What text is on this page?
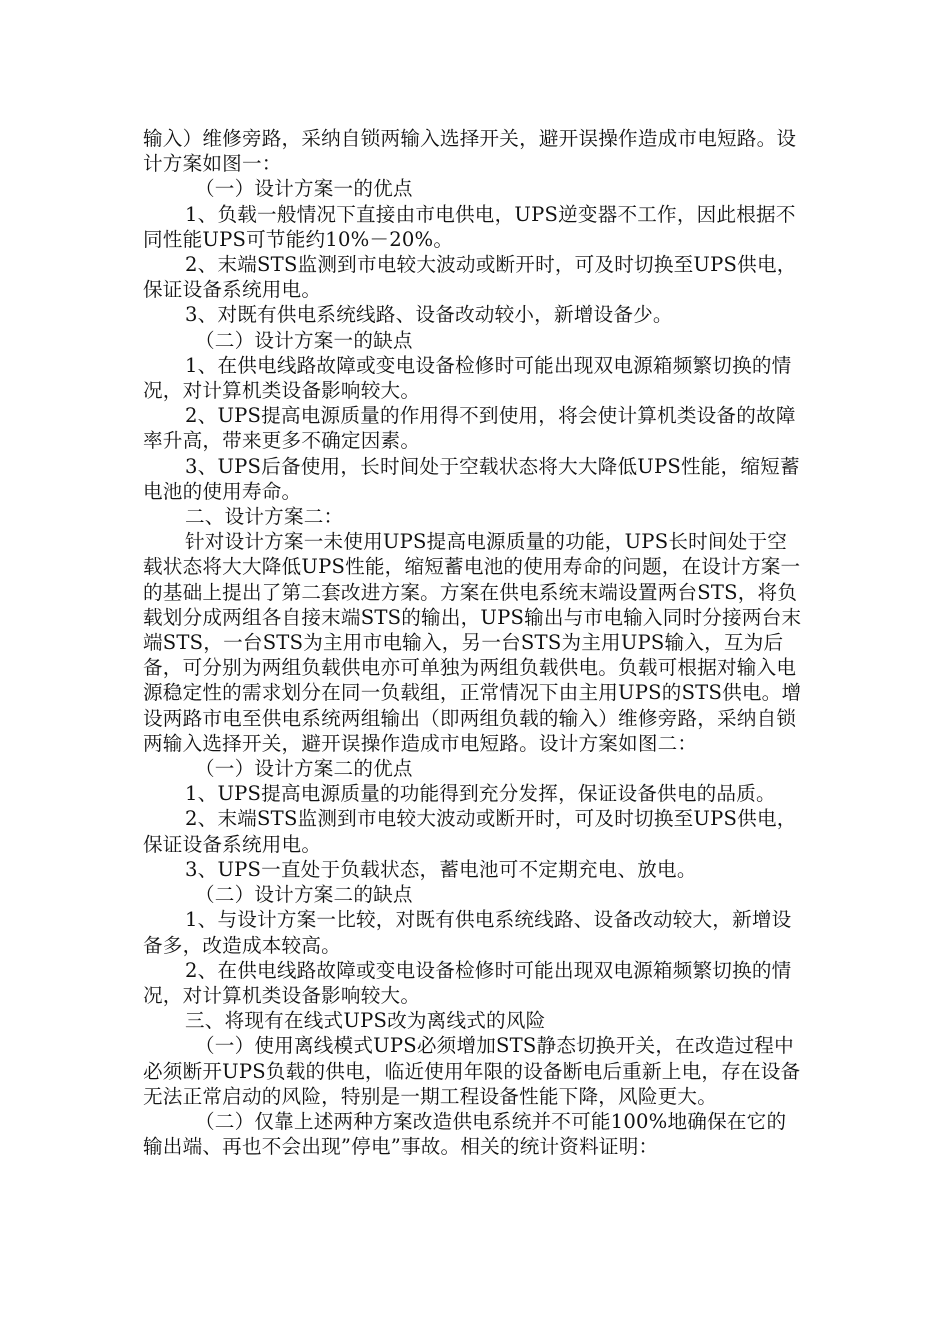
输入）维修旁路，采纳自锁两输入选择开关，避开误操作造成市电短路。设计方案如图一：

（一）设计方案一的优点

1、负载一般情况下直接由市电供电，UPS逆变器不工作，因此根据不同性能UPS可节能约10%－20%。

2、末端STS监测到市电较大波动或断开时，可及时切换至UPS供电，保证设备系统用电。

3、对既有供电系统线路、设备改动较小，新增设备少。

（二）设计方案一的缺点

1、在供电线路故障或变电设备检修时可能出现双电源箱频繁切换的情况，对计算机类设备影响较大。

2、UPS提高电源质量的作用得不到使用，将会使计算机类设备的故障率升高，带来更多不确定因素。

3、UPS后备使用，长时间处于空载状态将大大降低UPS性能，缩短蓄电池的使用寿命。

二、设计方案二：

针对设计方案一未使用UPS提高电源质量的功能，UPS长时间处于空载状态将大大降低UPS性能，缩短蓄电池的使用寿命的问题，在设计方案一的基础上提出了第二套改进方案。方案在供电系统末端设置两台STS，将负载划分成两组各自接末端STS的输出，UPS输出与市电输入同时分接两台末端STS，一台STS为主用市电输入，另一台STS为主用UPS输入，互为后备，可分别为两组负载供电亦可单独为两组负载供电。负载可根据对输入电源稳定性的需求划分在同一负载组，正常情况下由主用UPS的STS供电。增设两路市电至供电系统两组输出（即两组负载的输入）维修旁路，采纳自锁两输入选择开关，避开误操作造成市电短路。设计方案如图二：

（一）设计方案二的优点

1、UPS提高电源质量的功能得到充分发挥，保证设备供电的品质。

2、末端STS监测到市电较大波动或断开时，可及时切换至UPS供电，保证设备系统用电。

3、UPS一直处于负载状态，蓄电池可不定期充电、放电。

（二）设计方案二的缺点

1、与设计方案一比较，对既有供电系统线路、设备改动较大，新增设备多，改造成本较高。

2、在供电线路故障或变电设备检修时可能出现双电源箱频繁切换的情况，对计算机类设备影响较大。

三、将现有在线式UPS改为离线式的风险

（一）使用离线模式UPS必须增加STS静态切换开关，在改造过程中必须断开UPS负载的供电，临近使用年限的设备断电后重新上电，存在设备无法正常启动的风险，特别是一期工程设备性能下降，风险更大。

（二）仅靠上述两种方案改造供电系统并不可能100%地确保在它的输出端、再也不会出现”停电”事故。相关的统计资料证明：
